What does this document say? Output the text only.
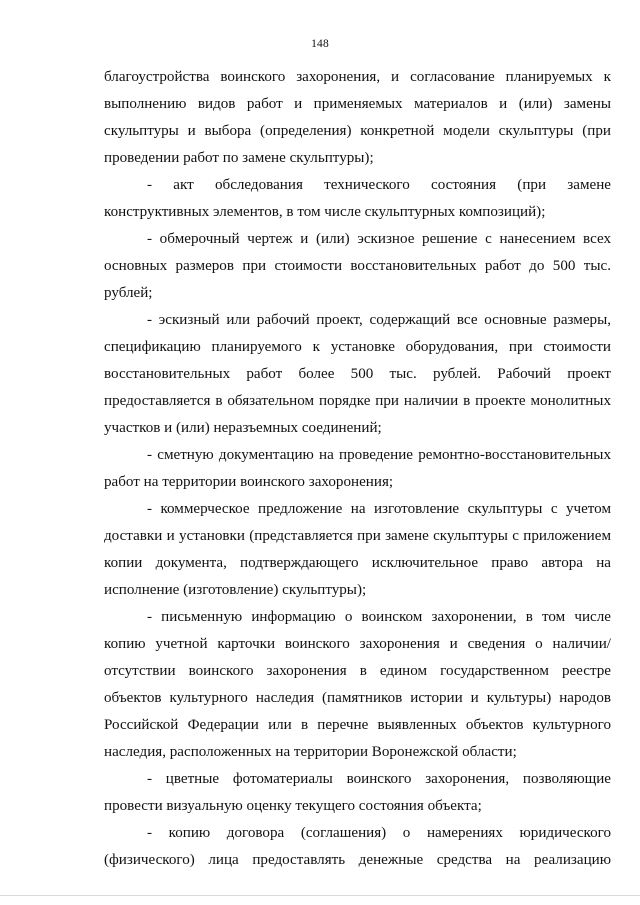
148

благоустройства воинского захоронения, и согласование планируемых к выполнению видов работ и применяемых материалов и (или) замены скульптуры и выбора (определения) конкретной модели скульптуры (при проведении работ по замене скульптуры);

- акт обследования технического состояния (при замене конструктивных элементов, в том числе скульптурных композиций);

- обмерочный чертеж и (или) эскизное решение с нанесением всех основных размеров при стоимости восстановительных работ до 500 тыс. рублей;

- эскизный или рабочий проект, содержащий все основные размеры, спецификацию планируемого к установке оборудования, при стоимости восстановительных работ более 500 тыс. рублей. Рабочий проект предоставляется в обязательном порядке при наличии в проекте монолитных участков и (или) неразъемных соединений;

- сметную документацию на проведение ремонтно-восстановительных работ на территории воинского захоронения;

- коммерческое предложение на изготовление скульптуры с учетом доставки и установки (представляется при замене скульптуры с приложением копии документа, подтверждающего исключительное право автора на исполнение (изготовление) скульптуры);

- письменную информацию о воинском захоронении, в том числе копию учетной карточки воинского захоронения и сведения о наличии/отсутствии воинского захоронения в едином государственном реестре объектов культурного наследия (памятников истории и культуры) народов Российской Федерации или в перечне выявленных объектов культурного наследия, расположенных на территории Воронежской области;

- цветные фотоматериалы воинского захоронения, позволяющие провести визуальную оценку текущего состояния объекта;

- копию договора (соглашения) о намерениях юридического (физического) лица предоставлять денежные средства на реализацию
